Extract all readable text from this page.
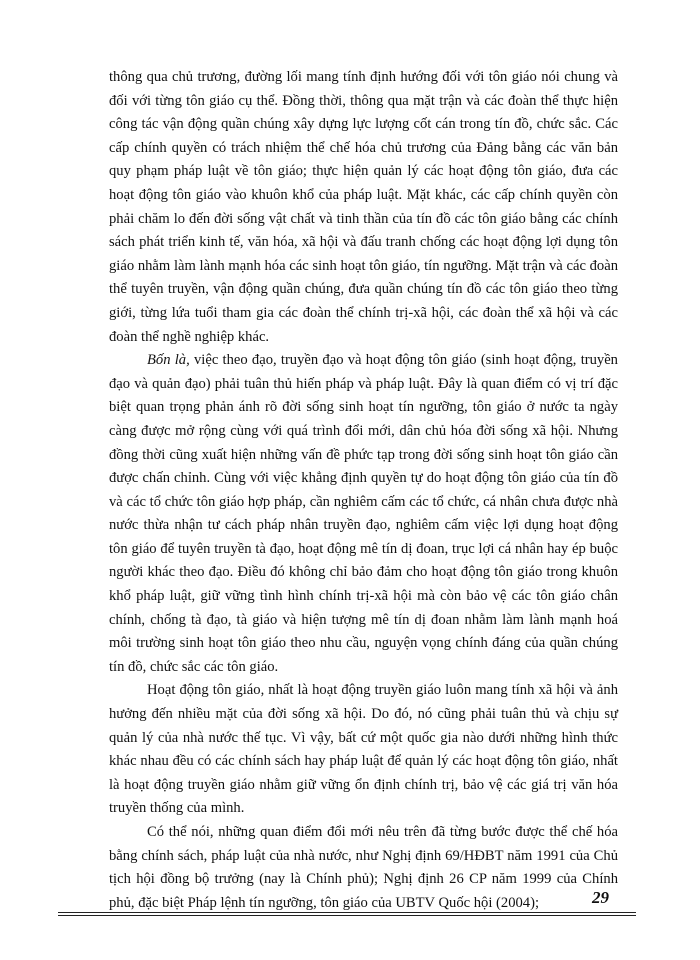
thông qua chủ trương, đường lối mang tính định hướng đối với tôn giáo nói chung và đối với từng tôn giáo cụ thể. Đồng thời, thông qua mặt trận và các đoàn thể thực hiện công tác vận động quần chúng xây dựng lực lượng cốt cán trong tín đồ, chức sắc. Các cấp chính quyền có trách nhiệm thể chế hóa chủ trương của Đảng bằng các văn bản quy phạm pháp luật về tôn giáo; thực hiện quản lý các hoạt động tôn giáo, đưa các hoạt động tôn giáo vào khuôn khổ của pháp luật. Mặt khác, các cấp chính quyền còn phải chăm lo đến đời sống vật chất và tinh thần của tín đồ các tôn giáo bằng các chính sách phát triển kinh tế, văn hóa, xã hội và đấu tranh chống các hoạt động lợi dụng tôn giáo nhằm làm lành mạnh hóa các sinh hoạt tôn giáo, tín ngưỡng. Mặt trận và các đoàn thể tuyên truyền, vận động quần chúng, đưa quần chúng tín đồ các tôn giáo theo từng giới, từng lứa tuổi tham gia các đoàn thể chính trị-xã hội, các đoàn thể xã hội và các đoàn thể nghề nghiệp khác.

Bốn là, việc theo đạo, truyền đạo và hoạt động tôn giáo (sinh hoạt động, truyền đạo và quản đạo) phải tuân thủ hiến pháp và pháp luật. Đây là quan điểm có vị trí đặc biệt quan trọng phản ánh rõ đời sống sinh hoạt tín ngưỡng, tôn giáo ở nước ta ngày càng được mở rộng cùng với quá trình đổi mới, dân chủ hóa đời sống xã hội. Nhưng đồng thời cũng xuất hiện những vấn đề phức tạp trong đời sống sinh hoạt tôn giáo cần được chấn chỉnh. Cùng với việc khẳng định quyền tự do hoạt động tôn giáo của tín đồ và các tổ chức tôn giáo hợp pháp, cần nghiêm cấm các tổ chức, cá nhân chưa được nhà nước thừa nhận tư cách pháp nhân truyền đạo, nghiêm cấm việc lợi dụng hoạt động tôn giáo để tuyên truyền tà đạo, hoạt động mê tín dị đoan, trục lợi cá nhân hay ép buộc người khác theo đạo. Điều đó không chỉ bảo đảm cho hoạt động tôn giáo trong khuôn khổ pháp luật, giữ vững tình hình chính trị-xã hội mà còn bảo vệ các tôn giáo chân chính, chống tà đạo, tà giáo và hiện tượng mê tín dị đoan nhằm làm lành mạnh hoá môi trường sinh hoạt tôn giáo theo nhu cầu, nguyện vọng chính đáng của quần chúng tín đồ, chức sắc các tôn giáo.

Hoạt động tôn giáo, nhất là hoạt động truyền giáo luôn mang tính xã hội và ảnh hưởng đến nhiều mặt của đời sống xã hội. Do đó, nó cũng phải tuân thủ và chịu sự quản lý của nhà nước thế tục. Vì vậy, bất cứ một quốc gia nào dưới những hình thức khác nhau đều có các chính sách hay pháp luật để quản lý các hoạt động tôn giáo, nhất là hoạt động truyền giáo nhằm giữ vững ổn định chính trị, bảo vệ các giá trị văn hóa truyền thống của mình.

Có thể nói, những quan điểm đổi mới nêu trên đã từng bước được thể chế hóa bằng chính sách, pháp luật của nhà nước, như Nghị định 69/HĐBT năm 1991 của Chủ tịch hội đồng bộ trưởng (nay là Chính phủ); Nghị định 26 CP năm 1999 của Chính phủ, đặc biệt Pháp lệnh tín ngưỡng, tôn giáo của UBTV Quốc hội (2004);	29
